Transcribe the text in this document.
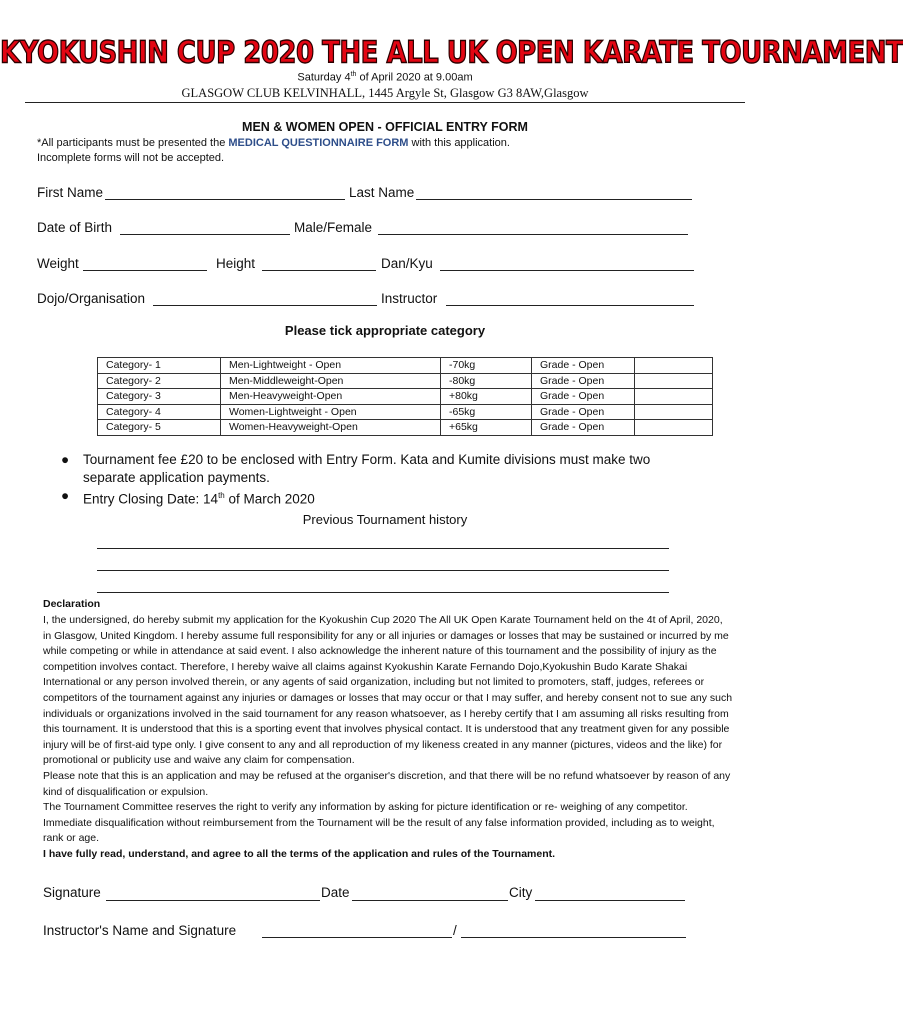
KYOKUSHIN CUP 2020 THE ALL UK OPEN KARATE TOURNAMENT
Saturday 4th of April 2020 at 9.00am
GLASGOW CLUB KELVINHALL, 1445 Argyle St, Glasgow G3 8AW,Glasgow
MEN & WOMEN OPEN - OFFICIAL ENTRY FORM
*All participants must be presented the MEDICAL QUESTIONNAIRE FORM with this application.
Incomplete forms will not be accepted.
First Name	Last Name
Date of Birth	Male/Female
Weight	Height	Dan/Kyu
Dojo/Organisation	Instructor
Please tick appropriate category
Category- 1	Men-Lightweight - Open	-70kg	Grade - Open	
Category- 2	Men-Middleweight-Open	-80kg	Grade - Open	
Category- 3	Men-Heavyweight-Open	+80kg	Grade - Open	
Category- 4	Women-Lightweight - Open	-65kg	Grade - Open	
Category- 5	Women-Heavyweight-Open	+65kg	Grade - Open	
● Tournament fee £20 to be enclosed with Entry Form. Kata and Kumite divisions must make two separate application payments.
● Entry Closing Date: 14th of March 2020
Previous Tournament history
Declaration

I, the undersigned, do hereby submit my application for the Kyokushin Cup 2020 The All UK Open Karate Tournament held on the 4t of April, 2020, in Glasgow, United Kingdom. I hereby assume full responsibility for any or all injuries or damages or losses that may be sustained or incurred by me while competing or while in attendance at said event. I also acknowledge the inherent nature of this tournament and the possibility of injury as the competition involves contact. Therefore, I hereby waive all claims against Kyokushin Karate Fernando Dojo,Kyokushin Budo Karate Shakai International or any person involved therein, or any agents of said organization, including but not limited to promoters, staff, judges, referees or competitors of the tournament against any injuries or damages or losses that may occur or that I may suffer, and hereby consent not to sue any such individuals or organizations involved in the said tournament for any reason whatsoever, as I hereby certify that I am assuming all risks resulting from this tournament. It is understood that this is a sporting event that involves physical contact. It is understood that any treatment given for any possible injury will be of first-aid type only. I give consent to any and all reproduction of my likeness created in any manner (pictures, videos and the like) for promotional or publicity use and waive any claim for compensation.

Please note that this is an application and may be refused at the organiser's discretion, and that there will be no refund whatsoever by reason of any kind of disqualification or expulsion.

The Tournament Committee reserves the right to verify any information by asking for picture identification or re- weighing of any competitor. Immediate disqualification without reimbursement from the Tournament will be the result of any false information provided, including as to weight, rank or age.

I have fully read, understand, and agree to all the terms of the application and rules of the Tournament.

Signature	Date	City
Instructor's Name and Signature	/
